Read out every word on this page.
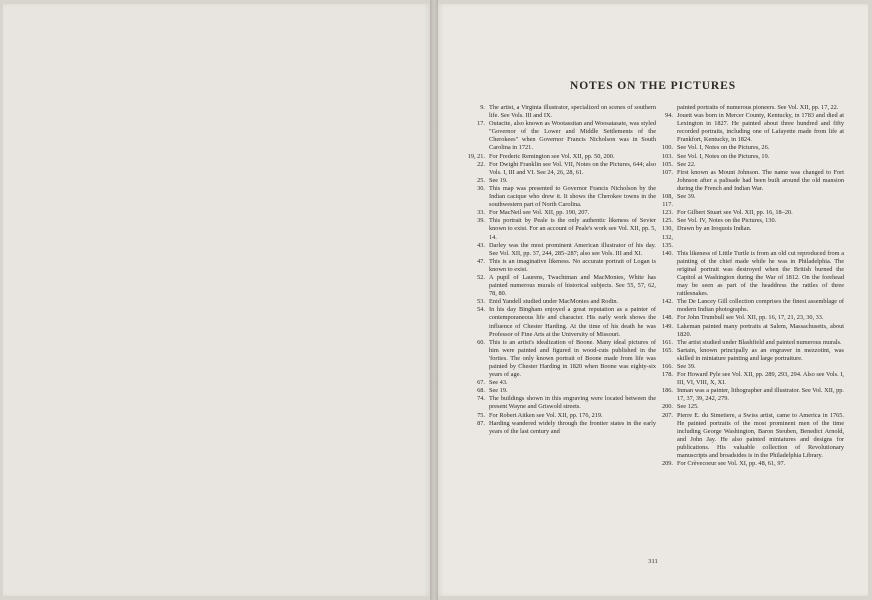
NOTES ON THE PICTURES
9. The artist, a Virginia illustrator, specialized on scenes of southern life. See Vols. III and IX.
17. Outacite, also known as Wootassitan and Woosatasate, was styled "Governor of the Lower and Middle Settlements of the Cherokees" when Governor Francis Nicholson was in South Carolina in 1721.
19, 21. For Frederic Remington see Vol. XII, pp. 50, 200.
22. For Dwight Franklin see Vol. VII, Notes on the Pictures, 644; also Vols. I, III and VI. See 24, 26, 28, 61.
25. See 19.
30. This map was presented to Governor Francis Nicholson by the Indian cacique who drew it. It shows the Cherokee towns in the southwestern part of North Carolina.
33. For MacNeil see Vol. XII, pp. 190, 207.
39. This portrait by Peale is the only authentic likeness of Sevier known to exist. For an account of Peale's work see Vol. XII, pp. 5, 14.
43. Darley was the most prominent American illustrator of his day. See Vol. XII, pp. 37, 244, 285–287; also see Vols. III and XI.
47. This is an imaginative likeness. No accurate portrait of Logan is known to exist.
52. A pupil of Laurens, Twachtman and MacMonies, White has painted numerous murals of historical subjects. See 55, 57, 62, 78, 80.
53. Enid Yandell studied under MacMonies and Rodin.
54. In his day Bingham enjoyed a great reputation as a painter of contemporaneous life and character. His early work shows the influence of Chester Harding. At the time of his death he was Professor of Fine Arts at the University of Missouri.
60. This is an artist's idealization of Boone. Many ideal pictures of him were painted and figured in wood-cuts published in the 'forties. The only known portrait of Boone made from life was painted by Chester Harding in 1820 when Boone was eighty-six years of age.
67. See 43.
68. See 19.
74. The buildings shown in this engraving were located between the present Wayne and Griswold streets.
75. For Robert Aitken see Vol. XII, pp. 176, 219.
87. Harding wandered widely through the frontier states in the early years of the last century and
painted portraits of numerous pioneers. See Vol. XII, pp. 17, 22.
94. Jouett was born in Mercer County, Kentucky, in 1783 and died at Lexington in 1827. He painted about three hundred and fifty recorded portraits, including one of Lafayette made from life at Frankfort, Kentucky, in 1824.
100. See Vol. I, Notes on the Pictures, 26.
103. See Vol. I, Notes on the Pictures, 19.
105. See 22.
107. First known as Mount Johnson. The name was changed to Fort Johnson after a palisade had been built around the old mansion during the French and Indian War.
108, 117.
See 39.
123. For Gilbert Stuart see Vol. XII, pp. 16, 18–20.
125. See Vol. IV, Notes on the Pictures, 130.
130, 132, 135.
Drawn by an Iroquois Indian.
140. This likeness of Little Turtle is from an old cut reproduced from a painting of the chief made while he was in Philadelphia. The original portrait was destroyed when the British burned the Capitol at Washington during the War of 1812. On the forehead may be seen as part of the headdress the rattles of three rattlesnakes.
142. The De Lancey Gill collection comprises the finest assemblage of modern Indian photographs.
148. For John Trumbull see Vol. XII, pp. 16, 17, 21, 23, 30, 33.
149. Lakeman painted many portraits at Salem, Massachusetts, about 1820.
161. The artist studied under Blashfield and painted numerous murals.
165. Sartain, known principally as an engraver in mezzotint, was skilled in miniature painting and large portraiture.
166. See 39.
178. For Howard Pyle see Vol. XII, pp. 289, 293, 294. Also see Vols. I, III, VI, VIII, X, XI.
186. Inman was a painter, lithographer and illustrator. See Vol. XII, pp. 17, 37, 39, 242, 279.
200. See 125.
207. Pierre E. du Simetiere, a Swiss artist, came to America in 1765. He painted portraits of the most prominent men of the time including George Washington, Baron Steuben, Benedict Arnold, and John Jay. He also painted miniatures and designs for publications. His valuable collection of Revolutionary manuscripts and broadsides is in the Philadelphia Library.
209. For Crèvecoeur see Vol. XI, pp. 48, 61, 97.
311
